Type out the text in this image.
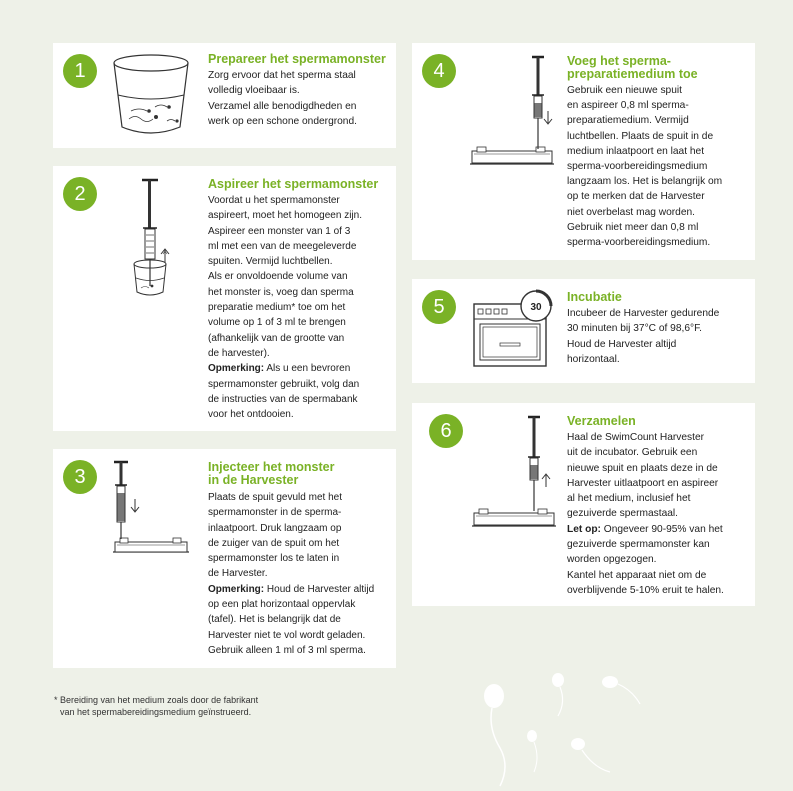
1
Prepareer het spermamonster

Zorg ervoor dat het sperma staal

volledig vloeibaar is.

Verzamel alle benodigdheden en

werk op een schone ondergrond.

2	Aspireer het spermamonster

Voordat u het spermamonster

aspireert, moet het homogeen zijn.

Aspireer een monster van 1 of 3

ml met een van de meegeleverde

spuiten. Vermijd luchtbellen.

Als er onvoldoende volume van

het monster is, voeg dan sperma

preparatie medium* toe om het

volume op 1 of 3 ml te brengen

(afhankelijk van de grootte van

de harvester).

Opmerking: Als u een bevroren

spermamonster gebruikt, volg dan

de instructies van de spermabank

voor het ontdooien.

3	Injecteer het monster
in de Harvester

Plaats de spuit gevuld met het

spermamonster in de sperma-

inlaatpoort. Druk langzaam op

de zuiger van de spuit om het

spermamonster los te laten in

de Harvester.

Opmerking: Houd de Harvester altijd

op een plat horizontaal oppervlak

(tafel). Het is belangrijk dat de

Harvester niet te vol wordt geladen.

Gebruik alleen 1 ml of 3 ml sperma.

4	Voeg het sperma-
preparatiemedium toe

Gebruik een nieuwe spuit

en aspireer 0,8 ml sperma-

preparatiemedium. Vermijd

luchtbellen. Plaats de spuit in de

medium inlaatpoort en laat het

sperma-voorbereidingsmedium

langzaam los. Het is belangrijk om

op te merken dat de Harvester

niet overbelast mag worden.

Gebruik niet meer dan 0,8 ml

sperma-voorbereidingsmedium.

5	30
Incubatie

Incubeer de Harvester gedurende

30 minuten bij 37°C of 98,6°F.

Houd de Harvester altijd

horizontaal.

6	Verzamelen

Haal de SwimCount Harvester

uit de incubator. Gebruik een

nieuwe spuit en plaats deze in de

Harvester uitlaatpoort en aspireer

al het medium, inclusief het

gezuiverde spermastaal.

Let op: Ongeveer 90-95% van het

gezuiverde spermamonster kan

worden opgezogen.

Kantel het apparaat niet om de

overblijvende 5-10% eruit te halen.

* Bereiding van het medium zoals door de fabrikant
van het spermabereidingsmedium geïnstrueerd.
